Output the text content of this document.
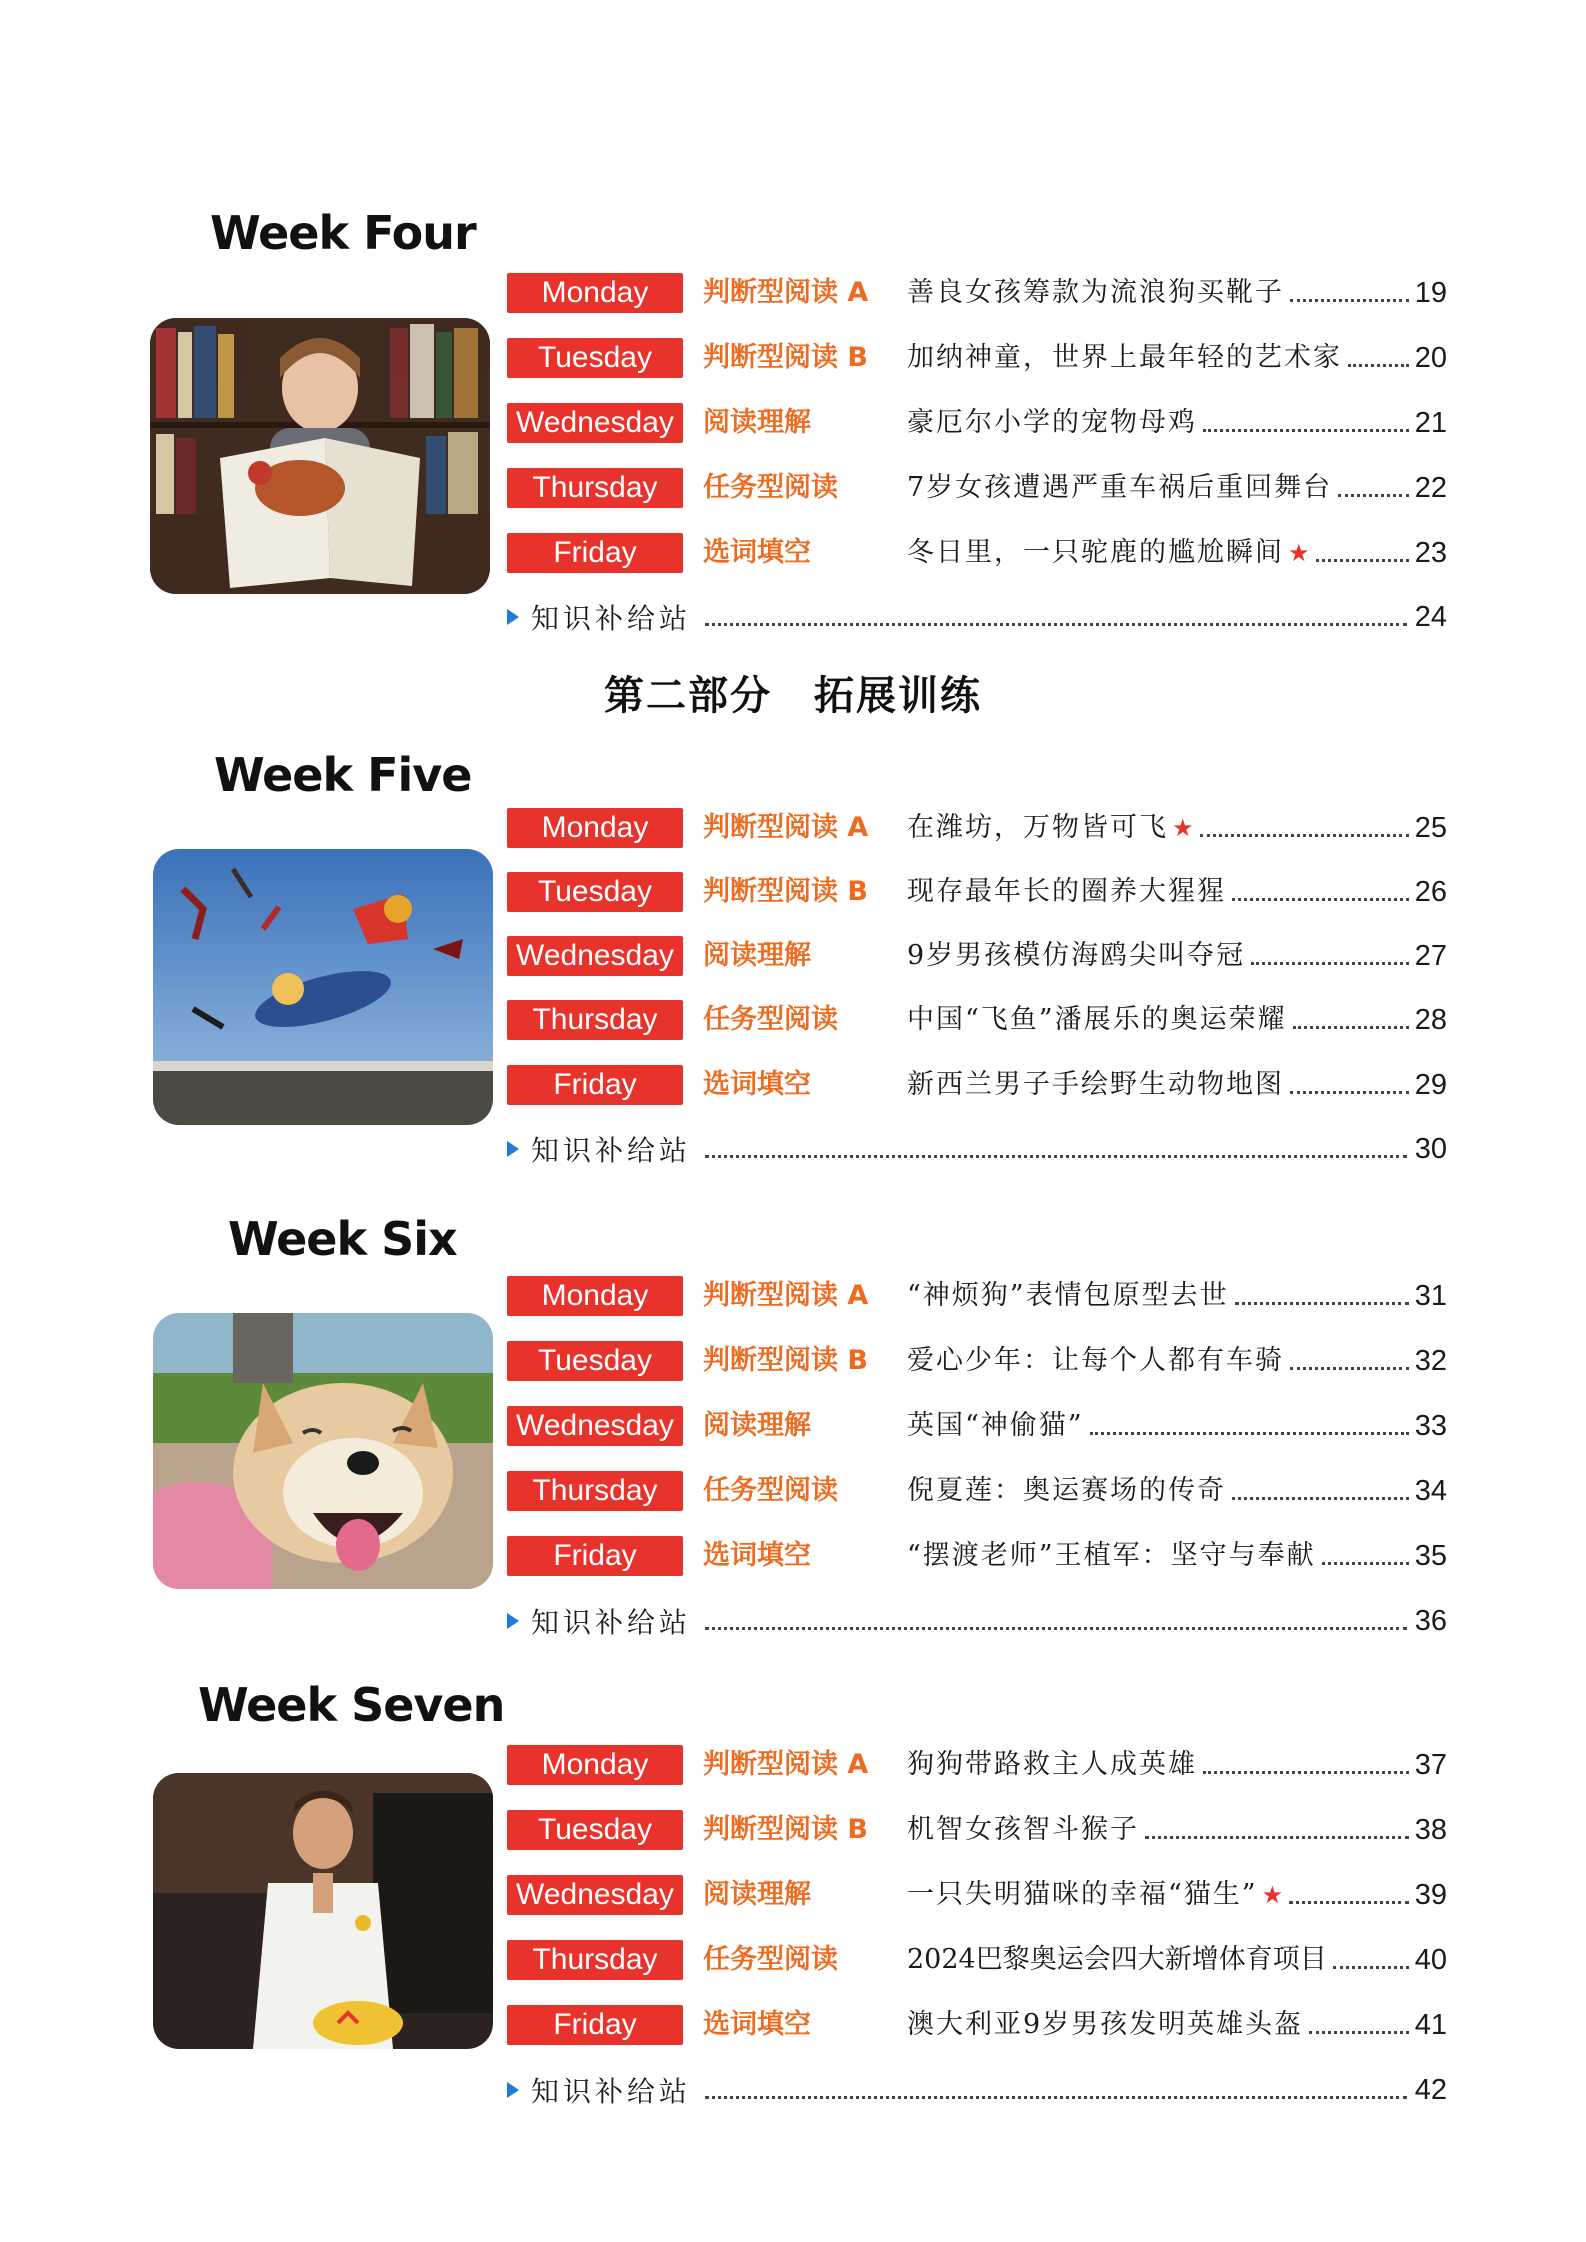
第二部分　拓展训练
Week Four
Monday	判断型阅读 A 善良女孩筹款为流浪狗买靴子	19
Tuesday	判断型阅读 B 加纳神童，世界上最年轻的艺术家	20
Wednesday	阅读理解	豪厄尔小学的宠物母鸡	21
Thursday	任务型阅读	7岁女孩遭遇严重车祸后重回舞台	22
Friday	选词填空	冬日里，一只驼鹿的尴尬瞬间 ★	23
知识补给站	24
Week Five
Monday	判断型阅读 A 在潍坊，万物皆可飞 ★	25
Tuesday	判断型阅读 B 现存最年长的圈养大猩猩	26
Wednesday	阅读理解	9岁男孩模仿海鸥尖叫夺冠	27
Thursday	任务型阅读	中国“飞鱼”潘展乐的奥运荣耀	28
Friday	选词填空	新西兰男子手绘野生动物地图	29
知识补给站	30
Week Six
Monday	判断型阅读 A “神烦狗”表情包原型去世	31
Tuesday	判断型阅读 B 爱心少年：让每个人都有车骑	32
Wednesday	阅读理解	英国“神偷猫”	33
Thursday	任务型阅读	倪夏莲：奥运赛场的传奇	34
Friday	选词填空	“摆渡老师”王植军：坚守与奉献	35
知识补给站	36
Week Seven
Monday	判断型阅读 A 狗狗带路救主人成英雄	37
Tuesday	判断型阅读 B 机智女孩智斗猴子	38
Wednesday	阅读理解	一只失明猫咪的幸福“猫生” ★	39
Thursday	任务型阅读	2024巴黎奥运会四大新增体育项目	40
Friday	选词填空	澳大利亚9岁男孩发明英雄头盔	41
知识补给站	42
